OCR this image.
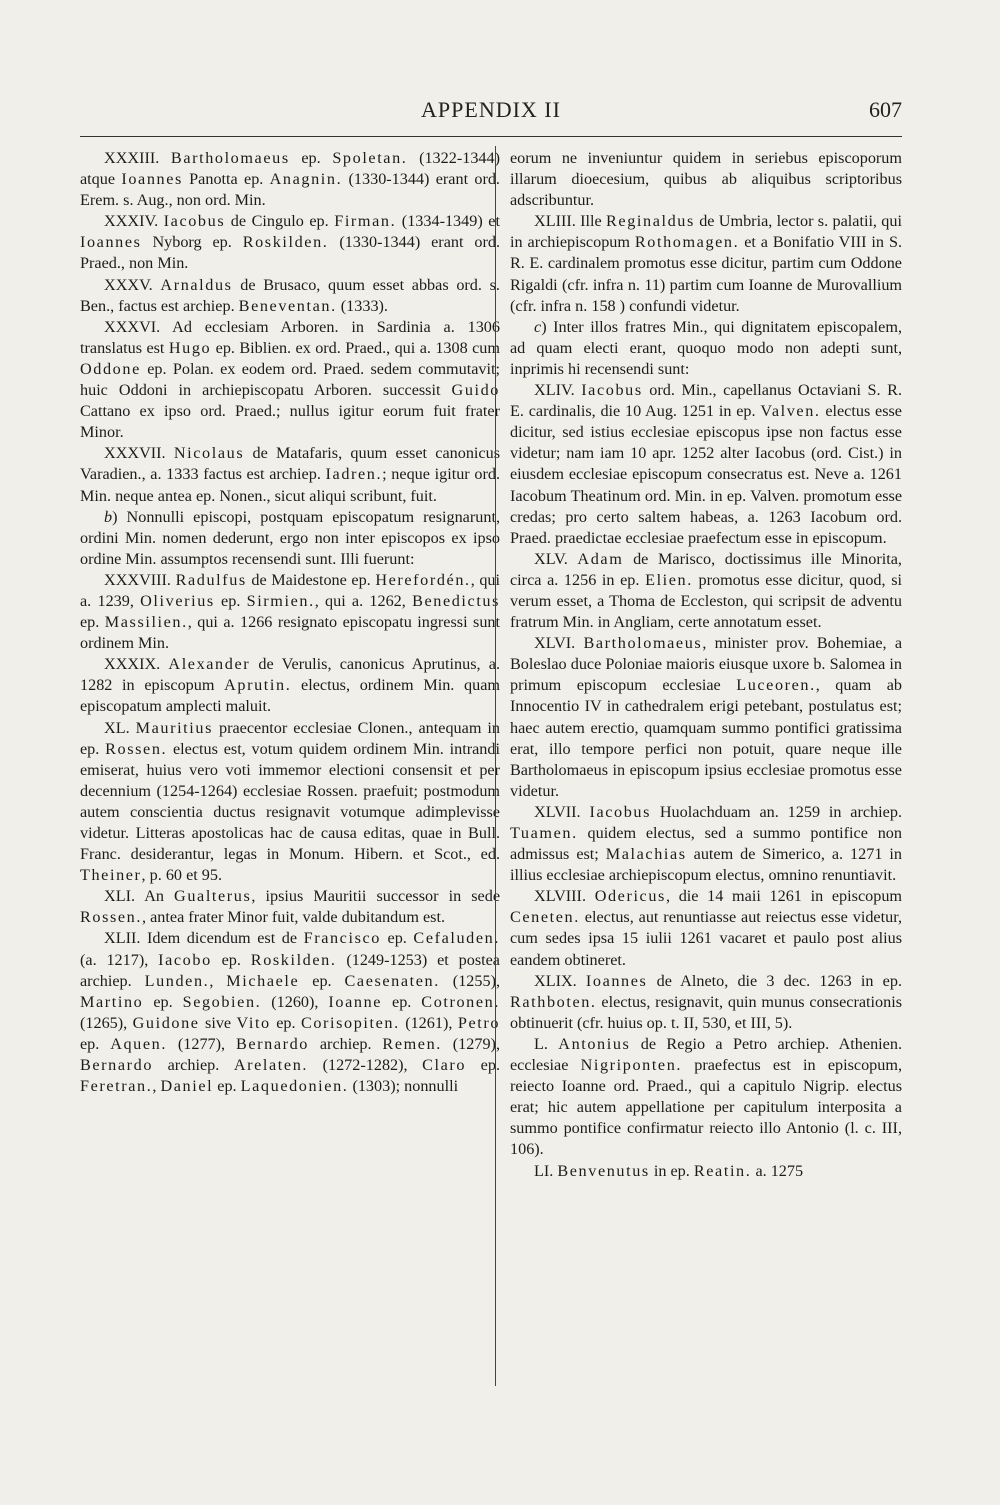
APPENDIX II	607

XXXIII. Bartholomaeus ep. Spoletan. (1322-1344) atque Ioannes Panotta ep. Anagnin. (1330-1344) erant ord. Erem. s. Aug., non ord. Min.

XXXIV. Iacobus de Cingulo ep. Firman. (1334-1349) et Ioannes Nyborg ep. Roskilden. (1330-1344) erant ord. Praed., non Min.

XXXV. Arnaldus de Brusaco, quum esset abbas ord. s. Ben., factus est archiep. Beneventan. (1333).

XXXVI. Ad ecclesiam Arboren. in Sardinia a. 1306 translatus est Hugo ep. Biblien. ex ord. Praed., qui a. 1308 cum Oddone ep. Polan. ex eodem ord. Praed. sedem commutavit; huic Oddoni in archiepiscopatu Arboren. successit Guido Cattano ex ipso ord. Praed.; nullus igitur eorum fuit frater Minor.

XXXVII. Nicolaus de Matafaris, quum esset canonicus Varadien., a. 1333 factus est archiep. Iadren.; neque igitur ord. Min. neque antea ep. Nonen., sicut aliqui scribunt, fuit.

b) Nonnulli episcopi, postquam episcopatum resignarunt, ordini Min. nomen dederunt, ergo non inter episcopos ex ipso ordine Min. assumptos recensendi sunt. Illi fuerunt:

XXXVIII. Radulfus de Maidestone ep. Herefordén., qui a. 1239, Oliverius ep. Sirmien., qui a. 1262, Benedictus ep. Massilien., qui a. 1266 resignato episcopatu ingressi sunt ordinem Min.

XXXIX. Alexander de Verulis, canonicus Aprutinus, a. 1282 in episcopum Aprutin. electus, ordinem Min. quam episcopatum amplecti maluit.

XL. Mauritius praecentor ecclesiae Clonen., antequam in ep. Rossen. electus est, votum quidem ordinem Min. intrandi emiserat, huius vero voti immemor electioni consensit et per decennium (1254-1264) ecclesiae Rossen. praefuit; postmodum autem conscientia ductus resignavit votumque adimplevisse videtur. Litteras apostolicas hac de causa editas, quae in Bull. Franc. desiderantur, legas in Monum. Hibern. et Scot., ed. Theiner, p. 60 et 95.

XLI. An Gualterus, ipsius Mauritii successor in sede Rossen., antea frater Minor fuit, valde dubitandum est.

XLII. Idem dicendum est de Francisco ep. Cefaluden. (a. 1217), Iacobo ep. Roskilden. (1249-1253) et postea archiep. Lunden., Michaele ep. Caesenaten. (1255), Martino ep. Segobien. (1260), Ioanne ep. Cotronen. (1265), Guidone sive Vito ep. Corisopiten. (1261), Petro ep. Aquen. (1277), Bernardo archiep. Remen. (1279), Bernardo archiep. Arelaten. (1272-1282), Claro ep. Feretran., Daniel ep. Laquedonien. (1303); nonnulli

eorum ne inveniuntur quidem in seriebus episcoporum illarum dioecesium, quibus ab aliquibus scriptoribus adscribuntur.

XLIII. Ille Reginaldus de Umbria, lector s. palatii, qui in archiepiscopum Rothomagen. et a Bonifatio VIII in S. R. E. cardinalem promotus esse dicitur, partim cum Oddone Rigaldi (cfr. infra n. 11) partim cum Ioanne de Murovallium (cfr. infra n. 158 ) confundi videtur.

c) Inter illos fratres Min., qui dignitatem episcopalem, ad quam electi erant, quoquo modo non adepti sunt, inprimis hi recensendi sunt:

XLIV. Iacobus ord. Min., capellanus Octaviani S. R. E. cardinalis, die 10 Aug. 1251 in ep. Valven. electus esse dicitur, sed istius ecclesiae episcopus ipse non factus esse videtur; nam iam 10 apr. 1252 alter Iacobus (ord. Cist.) in eiusdem ecclesiae episcopum consecratus est. Neve a. 1261 Iacobum Theatinum ord. Min. in ep. Valven. promotum esse credas; pro certo saltem habeas, a. 1263 Iacobum ord. Praed. praedictae ecclesiae praefectum esse in episcopum.

XLV. Adam de Marisco, doctissimus ille Minorita, circa a. 1256 in ep. Elien. promotus esse dicitur, quod, si verum esset, a Thoma de Eccleston, qui scripsit de adventu fratrum Min. in Angliam, certe annotatum esset.

XLVI. Bartholomaeus, minister prov. Bohemiae, a Boleslao duce Poloniae maioris eiusque uxore b. Salomea in primum episcopum ecclesiae Luceoren., quam ab Innocentio IV in cathedralem erigi petebant, postulatus est; haec autem erectio, quamquam summo pontifici gratissima erat, illo tempore perfici non potuit, quare neque ille Bartholomaeus in episcopum ipsius ecclesiae promotus esse videtur.

XLVII. Iacobus Huolachduam an. 1259 in archiep. Tuamen. quidem electus, sed a summo pontifice non admissus est; Malachias autem de Simerico, a. 1271 in illius ecclesiae archiepiscopum electus, omnino renuntiavit.

XLVIII. Odericus, die 14 maii 1261 in episcopum Ceneten. electus, aut renuntiasse aut reiectus esse videtur, cum sedes ipsa 15 iulii 1261 vacaret et paulo post alius eandem obtineret.

XLIX. Ioannes de Alneto, die 3 dec. 1263 in ep. Rathboten. electus, resignavit, quin munus consecrationis obtinuerit (cfr. huius op. t. II, 530, et III, 5).

L. Antonius de Regio a Petro archiep. Athenien. ecclesiae Nigriponten. praefectus est in episcopum, reiecto Ioanne ord. Praed., qui a capitulo Nigrip. electus erat; hic autem appellatione per capitulum interposita a summo pontifice confirmatur reiecto illo Antonio (l. c. III, 106).

LI. Benvenutus in ep. Reatin. a. 1275
